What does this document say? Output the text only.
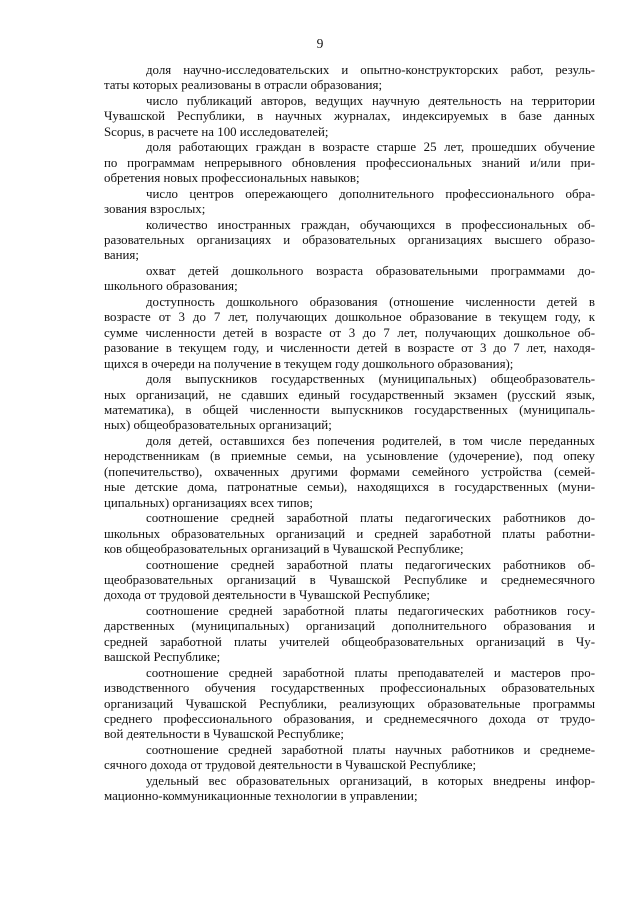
9
доля научно-исследовательских и опытно-конструкторских работ, резуль-
таты которых реализованы в отрасли образования;
число публикаций авторов, ведущих научную деятельность на территории
Чувашской Республики, в научных журналах, индексируемых в базе данных
Scopus, в расчете на 100 исследователей;
доля работающих граждан в возрасте старше 25 лет, прошедших обучение
по программам непрерывного обновления профессиональных знаний и/или при-
обретения новых профессиональных навыков;
число центров опережающего дополнительного профессионального обра-
зования взрослых;
количество иностранных граждан, обучающихся в профессиональных об-
разовательных организациях и образовательных организациях высшего образо-
вания;
охват детей дошкольного возраста образовательными программами до-
школьного образования;
доступность дошкольного образования (отношение численности детей в
возрасте от 3 до 7 лет, получающих дошкольное образование в текущем году, к
сумме численности детей в возрасте от 3 до 7 лет, получающих дошкольное об-
разование в текущем году, и численности детей в возрасте от 3 до 7 лет, находя-
щихся в очереди на получение в текущем году дошкольного образования);
доля выпускников государственных (муниципальных) общеобразователь-
ных организаций, не сдавших единый государственный экзамен (русский язык,
математика), в общей численности выпускников государственных (муниципаль-
ных) общеобразовательных организаций;
доля детей, оставшихся без попечения родителей, в том числе переданных
неродственникам (в приемные семьи, на усыновление (удочерение), под опеку
(попечительство), охваченных другими формами семейного устройства (семей-
ные детские дома, патронатные семьи), находящихся в государственных (муни-
ципальных) организациях всех типов;
соотношение средней заработной платы педагогических работников до-
школьных образовательных организаций и средней заработной платы работни-
ков общеобразовательных организаций в Чувашской Республике;
соотношение средней заработной платы педагогических работников об-
щеобразовательных организаций в Чувашской Республике и среднемесячного
дохода от трудовой деятельности в Чувашской Республике;
соотношение средней заработной платы педагогических работников госу-
дарственных (муниципальных) организаций дополнительного образования и
средней заработной платы учителей общеобразовательных организаций в Чу-
вашской Республике;
соотношение средней заработной платы преподавателей и мастеров про-
изводственного обучения государственных профессиональных образовательных
организаций Чувашской Республики, реализующих образовательные программы
среднего профессионального образования, и среднемесячного дохода от трудо-
вой деятельности в Чувашской Республике;
соотношение средней заработной платы научных работников и среднеме-
сячного дохода от трудовой деятельности в Чувашской Республике;
удельный вес образовательных организаций, в которых внедрены инфор-
мационно-коммуникационные технологии в управлении;
